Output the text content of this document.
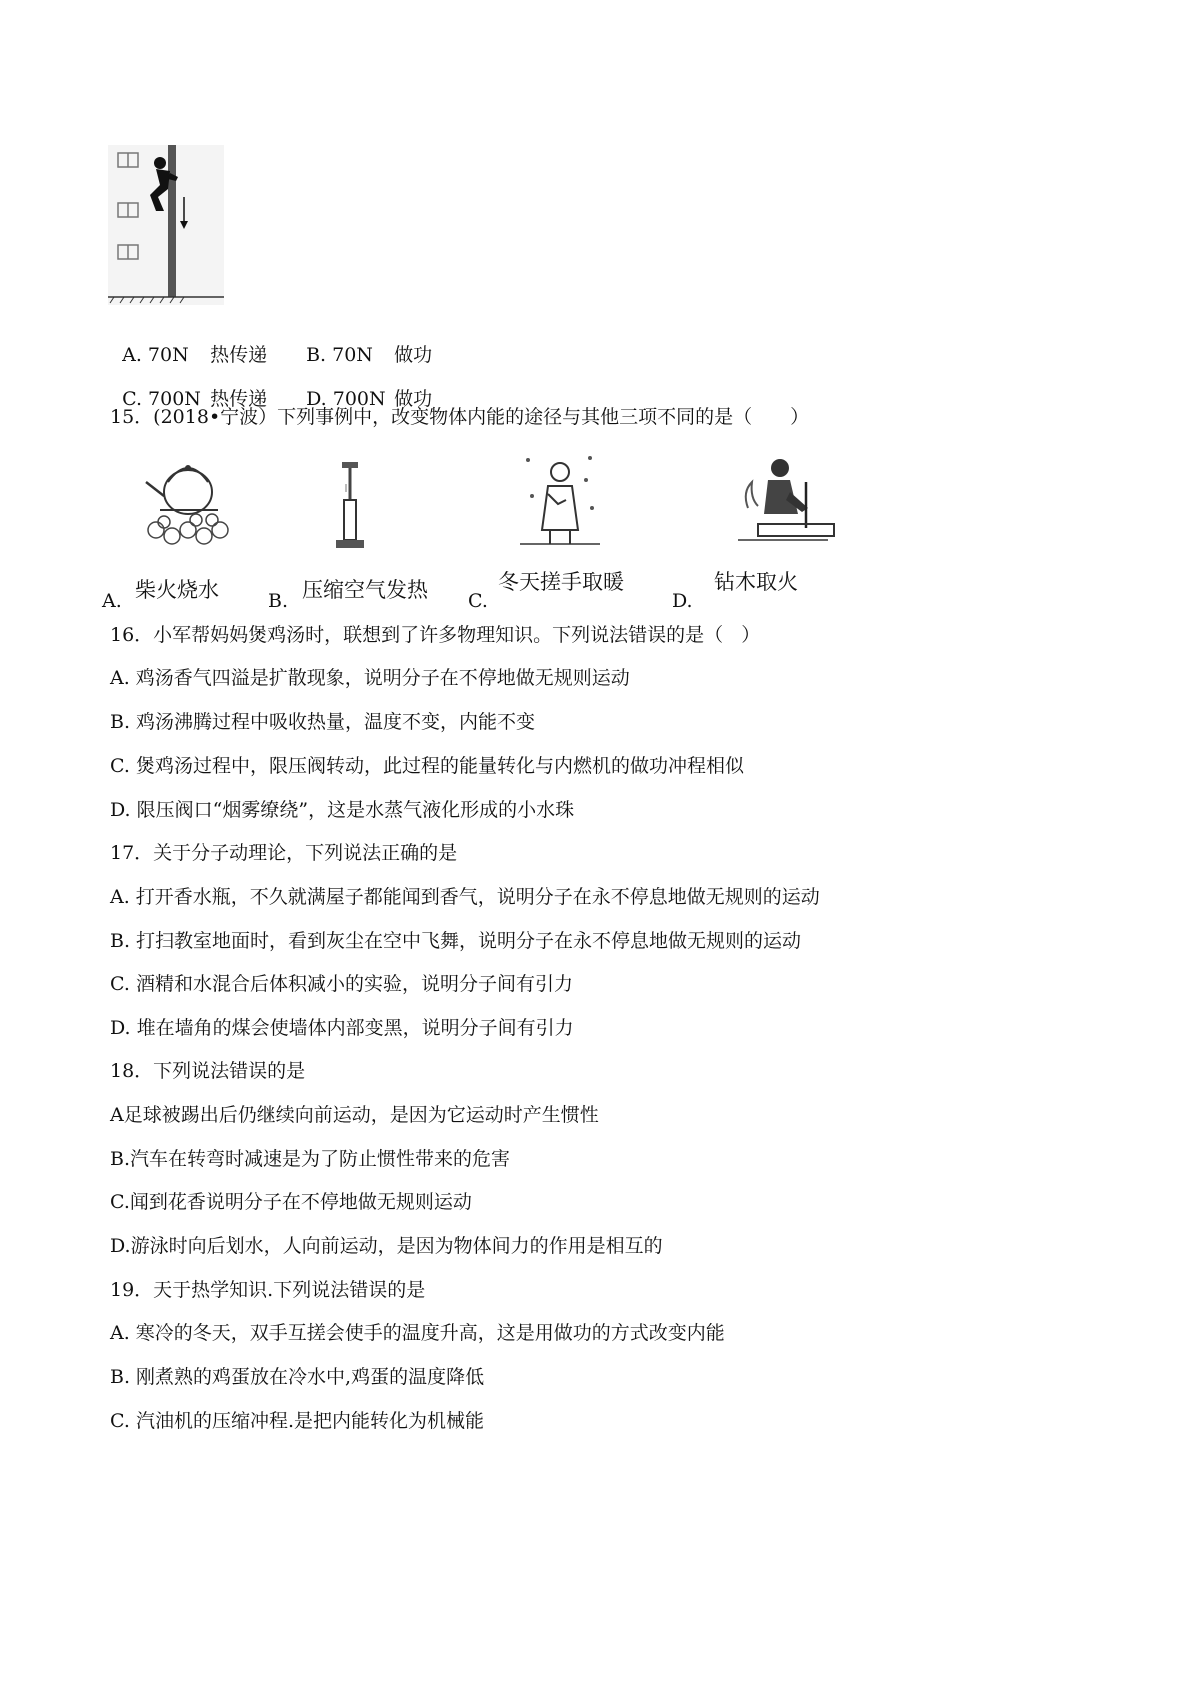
A. 70N 热传递 B. 70N 做功

C. 700N 热传递 D. 700N 做功

15．(2018•宁波）下列事例中，改变物体内能的途径与其他三项不同的是（　　）
柴火烧水	压缩空气发热	冬天搓手取暖	钻木取火
A.	B.	C.	D.
16．小军帮妈妈煲鸡汤时，联想到了许多物理知识。下列说法错误的是（   ）
A. 鸡汤香气四溢是扩散现象，说明分子在不停地做无规则运动
B. 鸡汤沸腾过程中吸收热量，温度不变，内能不变
C. 煲鸡汤过程中，限压阀转动，此过程的能量转化与内燃机的做功冲程相似
D. 限压阀口“烟雾缭绕”，这是水蒸气液化形成的小水珠
17．关于分子动理论，下列说法正确的是
A. 打开香水瓶，不久就满屋子都能闻到香气，说明分子在永不停息地做无规则的运动
B. 打扫教室地面时，看到灰尘在空中飞舞，说明分子在永不停息地做无规则的运动
C. 酒精和水混合后体积减小的实验，说明分子间有引力
D. 堆在墙角的煤会使墙体内部变黑，说明分子间有引力
18．下列说法错误的是
A足球被踢出后仍继续向前运动，是因为它运动时产生惯性
B.汽车在转弯时减速是为了防止惯性带来的危害
C.闻到花香说明分子在不停地做无规则运动
D.游泳时向后划水，人向前运动，是因为物体间力的作用是相互的
19．天于热学知识.下列说法错误的是
A. 寒冷的冬天，双手互搓会使手的温度升高，这是用做功的方式改变内能
B. 刚煮熟的鸡蛋放在冷水中,鸡蛋的温度降低
C. 汽油机的压缩冲程.是把内能转化为机械能
